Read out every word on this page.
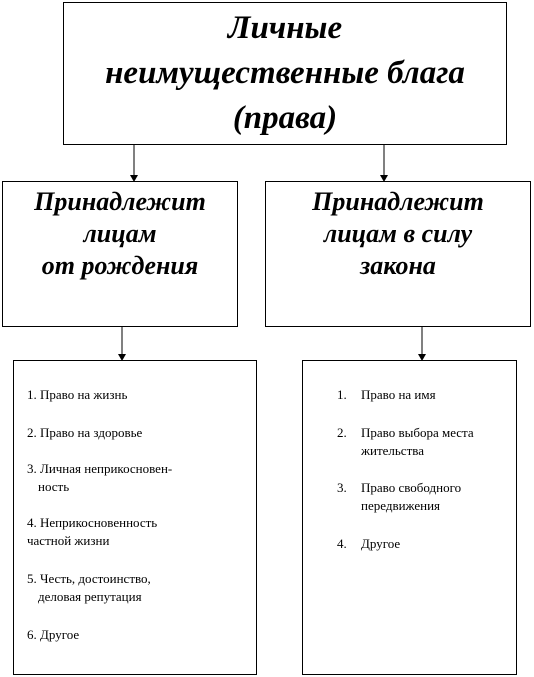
Личные
неимущественные блага
(права)
Принадлежит
лицам
от рождения
Принадлежит
лицам в силу
закона
1. Право на жизнь
2. Право на здоровье
3. Личная неприкосновен-
ность
4. Неприкосновенность
частной жизни
5. Честь, достоинство,
деловая репутация
6. Другое
1.	Право на имя
2.	Право выбора места
жительства
3.	Право свободного
передвижения
4.	Другое
